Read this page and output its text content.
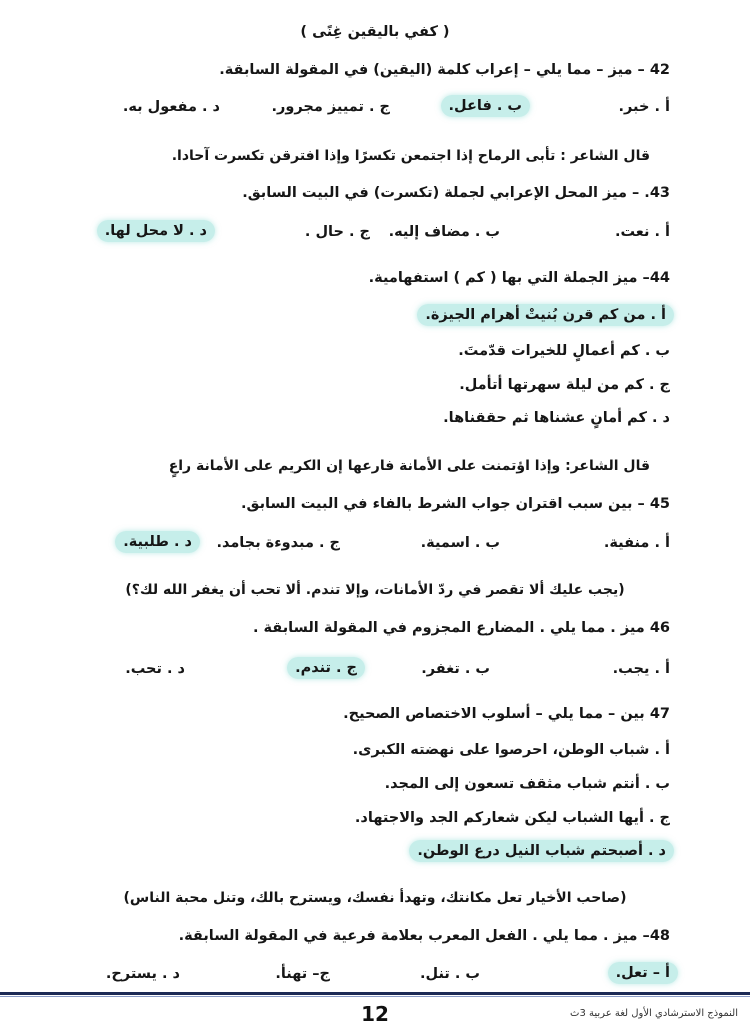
( كفي باليقين غِنًى )
42 – ميز – مما يلي – إعراب كلمة (اليقين) في المقولة السابقة.
أ . خبر.
ب . فاعل.
ج . تمييز مجرور.
د . مفعول به.
قال الشاعر : تأبى الرماح إذا اجتمعن تكسرًا وإذا افترقن تكسرت آحادا.
43. – ميز المحل الإعرابي لجملة (تكسرت) في البيت السابق.
أ . نعت.
ب . مضاف إليه.
ج . حال .
د . لا محل لها.
44– ميز الجملة التي بها ( كم ) استفهامية.
أ . من كم قرن بُنيتْ أهرام الجيزة.
ب . كم أعمالٍ للخيرات قدّمتَ.
ج . كم من ليلة سهرتها أتأمل.
د . كم أمانٍ عشناها ثم حققناها.
قال الشاعر: وإذا اؤتمنت على الأمانة فارعها إن الكريم على الأمانة راعٍ
45 – بين سبب اقتران جواب الشرط بالفاء في البيت السابق.
أ . منفية.
ب . اسمية.
ج . مبدوءة بجامد.
د . طلبية.
(يجب عليك ألا تقصر في ردّ الأمانات، وإلا تندم. ألا تحب أن يغفر الله لك؟)
46 ميز . مما يلي . المضارع المجزوم في المقولة السابقة .
أ . يجب.
ب . تغفر.
ج . تندم.
د . تحب.
47 بين – مما يلي – أسلوب الاختصاص الصحيح.
أ . شباب الوطن، احرصوا على نهضته الكبرى.
ب . أنتم شباب مثقف تسعون إلى المجد.
ج . أيها الشباب ليكن شعاركم الجد والاجتهاد.
د . أصبحتم شباب النيل درع الوطن.
(صاحب الأخيار تعل مكانتك، وتهدأ نفسك، ويسترح بالك، وتنل محبة الناس)
48– ميز . مما يلي . الفعل المعرب بعلامة فرعية في المقولة السابقة.
أ – تعل.
ب . تنل.
ج– تهنأ.
د . يسترح.
12	النموذج الاسترشادي الأول لغة عربية 3ث
